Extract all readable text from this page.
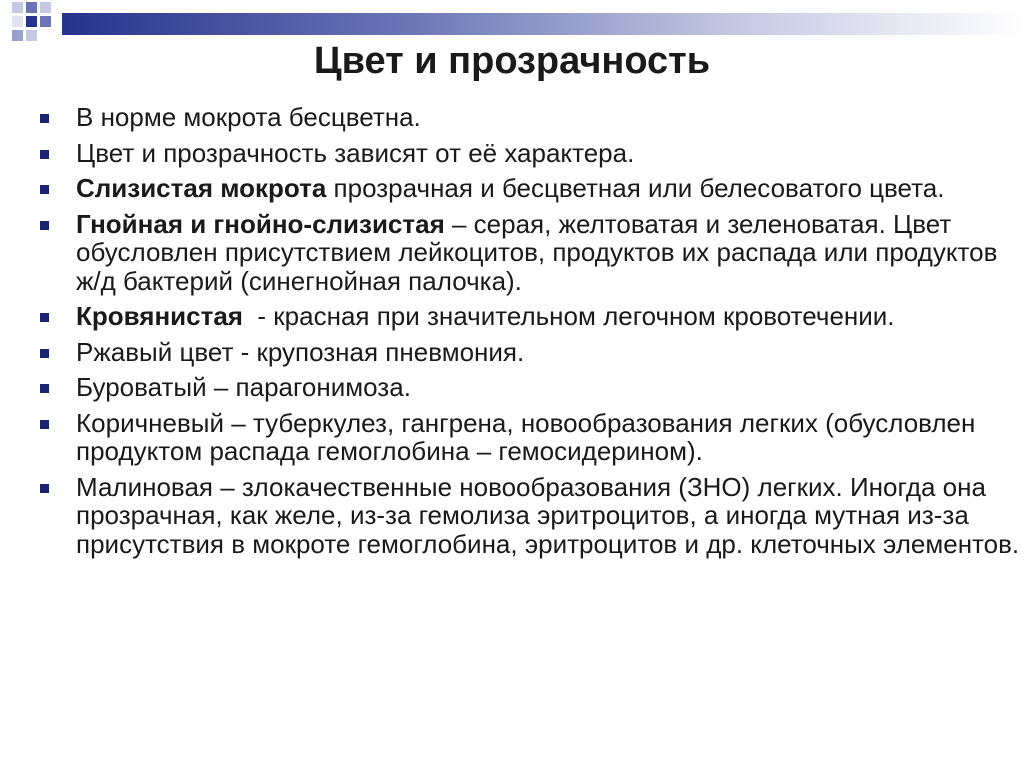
Цвет и прозрачность
В норме мокрота бесцветна.
Цвет и прозрачность зависят от её характера.
Слизистая мокрота прозрачная и бесцветная или белесоватого цвета.
Гнойная и гнойно-слизистая – серая, желтоватая и зеленоватая. Цвет обусловлен присутствием лейкоцитов, продуктов их распада или продуктов ж/д бактерий (синегнойная палочка).
Кровянистая  - красная при значительном легочном кровотечении.
Ржавый цвет - крупозная пневмония.
Буроватый – парагонимоза.
Коричневый – туберкулез, гангрена, новообразования легких (обусловлен продуктом распада гемоглобина – гемосидерином).
Малиновая – злокачественные новообразования (ЗНО) легких. Иногда она прозрачная, как желе, из-за гемолиза эритроцитов, а иногда мутная из-за присутствия в мокроте гемоглобина, эритроцитов и др. клеточных элементов.
